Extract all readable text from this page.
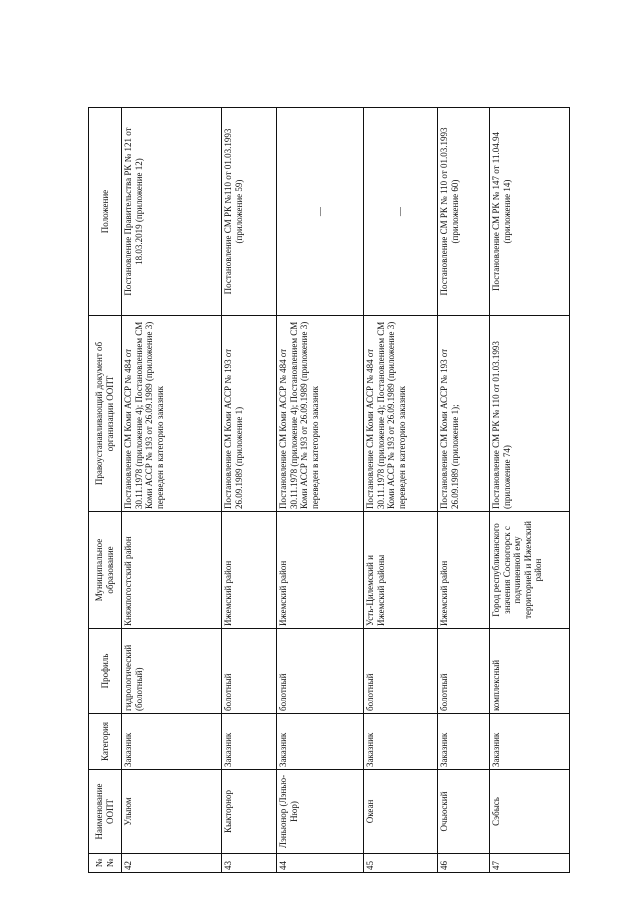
№ №	Наименование ООПТ	Категория	Профиль	Муниципальное образование	Правоустанавливающий документ об организации ООПТ	Положение
42	Улыюм	Заказник	гидрологический (болотный)	Княжпогостский район	Постановление СМ Коми АССР № 484 от 30.11.1978 (приложение 4); Постановлением СМ Коми АССР № 193 от 26.09.1989 (приложение 3) переведен в категорию заказник	Постановление Правительства РК № 121 от 18.03.2019 (приложение 12)
43	Кыкторнор	Заказник	болотный	Ижемский район	Постановление СМ Коми АССР № 193 от 26.09.1989 (приложение 1)	Постановление СМ РК №110 от 01.03.1993 (приложение 59)
44	Лэньюнор (Лэнью-Нюр)	Заказник	болотный	Ижемский район	Постановление СМ Коми АССР № 484 от 30.11.1978 (приложение 4); Постановлением СМ Коми АССР № 193 от 26.09.1989 (приложение 3) переведен в категорию заказник	—
45	Океан	Заказник	болотный	Усть-Цилемский и Ижемский районы	Постановление СМ Коми АССР № 484 от 30.11.1978 (приложение 4); Постановлением СМ Коми АССР № 193 от 26.09.1989 (приложение 3) переведен в категорию заказник	—
46	Очьюский	Заказник	болотный	Ижемский район	Постановление СМ Коми АССР № 193 от 26.09.1989 (приложение 1);	Постановление СМ РК № 110 от 01.03.1993 (приложение 60)
47	Сэбысь	Заказник	комплексный	Город республиканского значения Сосногорск с подчиненной ему территорией и Ижемский район	Постановление СМ РК № 110 от 01.03.1993 (приложение 74)	Постановление СМ РК № 147 от 11.04.94 (приложение 14)
